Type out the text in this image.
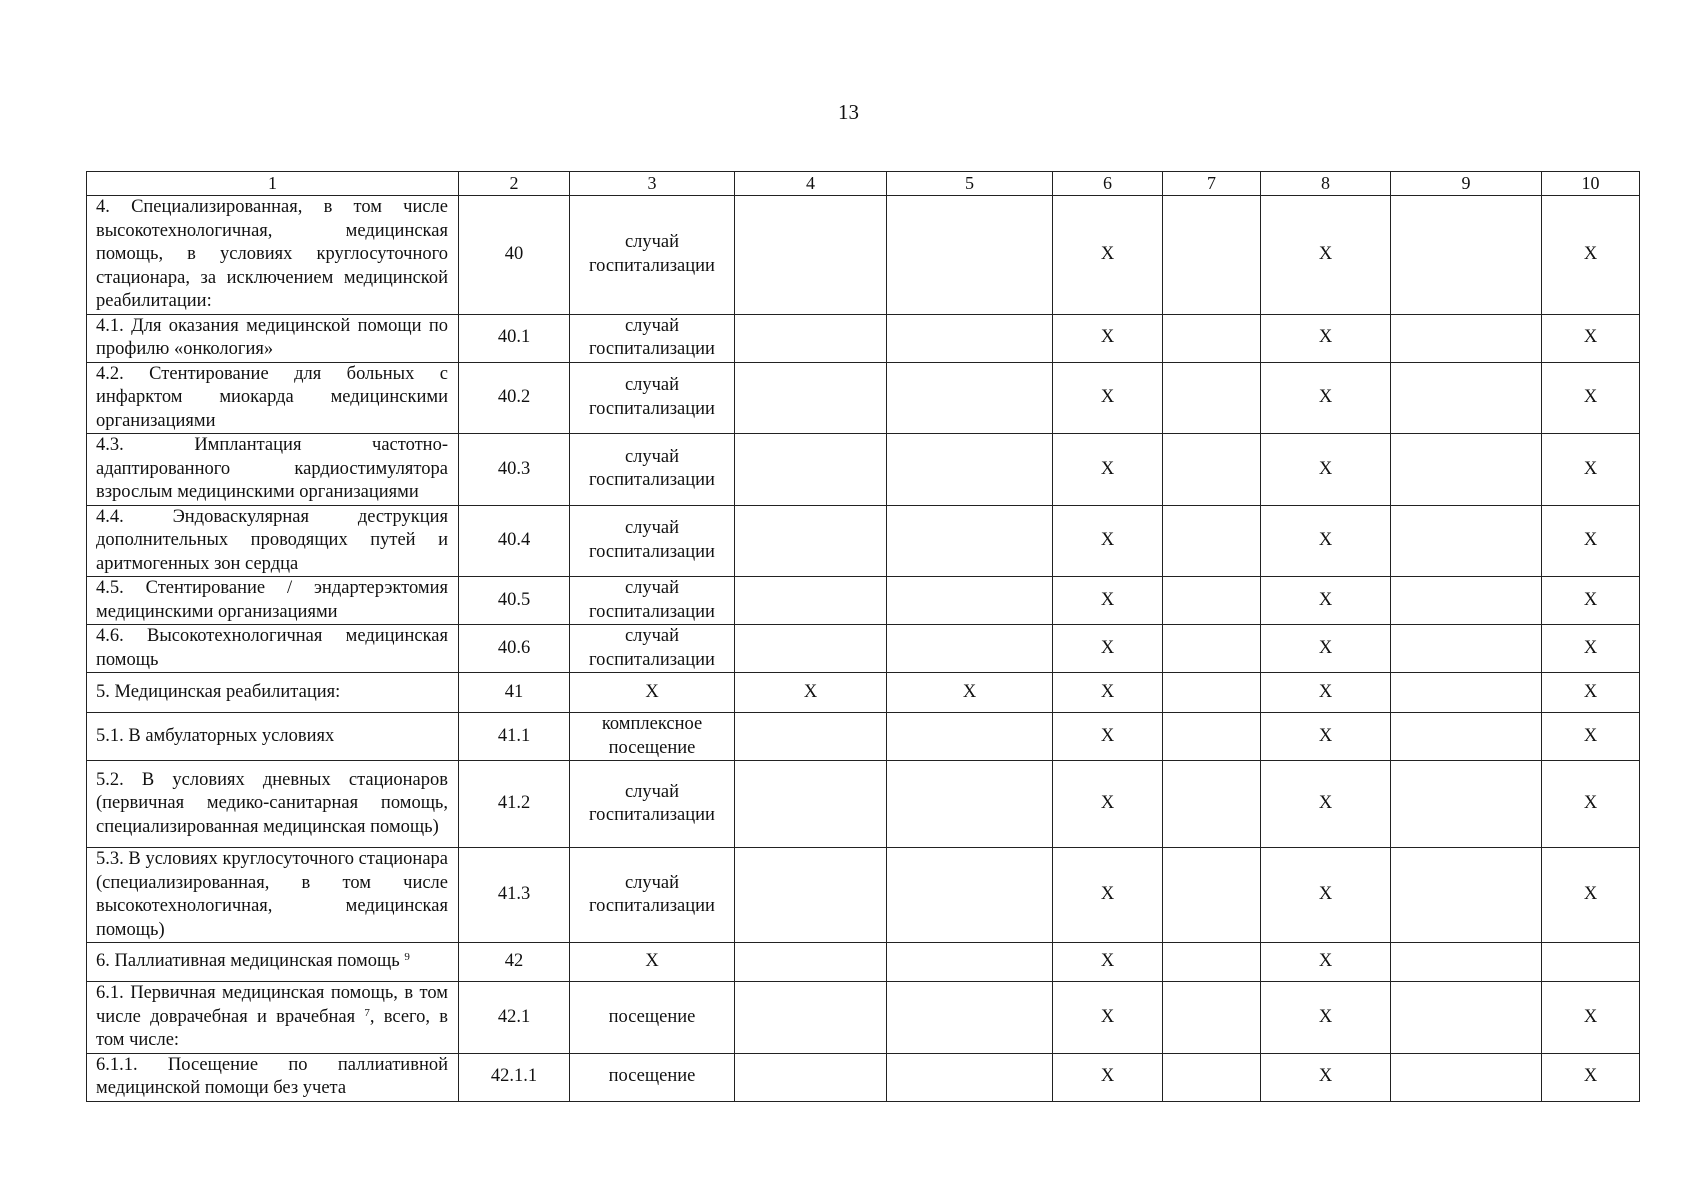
13
1	2	3	4	5	6	7	8	9	10
4. Специализированная, в том числе высокотехнологичная, медицинская помощь, в условиях круглосуточного стационара, за исключением медицинской реабилитации:	40	случай госпитализации			X		X		X
4.1. Для оказания медицинской помощи по профилю «онкология»	40.1	случай госпитализации			X		X		X
4.2. Стентирование для больных с инфарктом миокарда медицинскими организациями	40.2	случай госпитализации			X		X		X
4.3. Имплантация частотно-адаптированного кардиостимулятора взрослым медицинскими организациями	40.3	случай госпитализации			X		X		X
4.4. Эндоваскулярная деструкция дополнительных проводящих путей и аритмогенных зон сердца	40.4	случай госпитализации			X		X		X
4.5. Стентирование / эндартерэктомия медицинскими организациями	40.5	случай госпитализации			X		X		X
4.6. Высокотехнологичная медицинская помощь	40.6	случай госпитализации			X		X		X
5. Медицинская реабилитация:	41	X	X	X	X		X		X
5.1. В амбулаторных условиях	41.1	комплексное посещение			X		X		X
5.2. В условиях дневных стационаров (первичная медико-санитарная помощь, специализированная медицинская помощь)	41.2	случай госпитализации			X		X		X
5.3. В условиях круглосуточного стационара (специализированная, в том числе высокотехнологичная, медицинская помощь)	41.3	случай госпитализации			X		X		X
6. Паллиативная медицинская помощь $^9$	42	X			X		X		
6.1. Первичная медицинская помощь, в том числе доврачебная и врачебная $^7$, всего, в том числе:	42.1	посещение			X		X		X
6.1.1. Посещение по паллиативной медицинской помощи без учета	42.1.1	посещение			X		X		X
